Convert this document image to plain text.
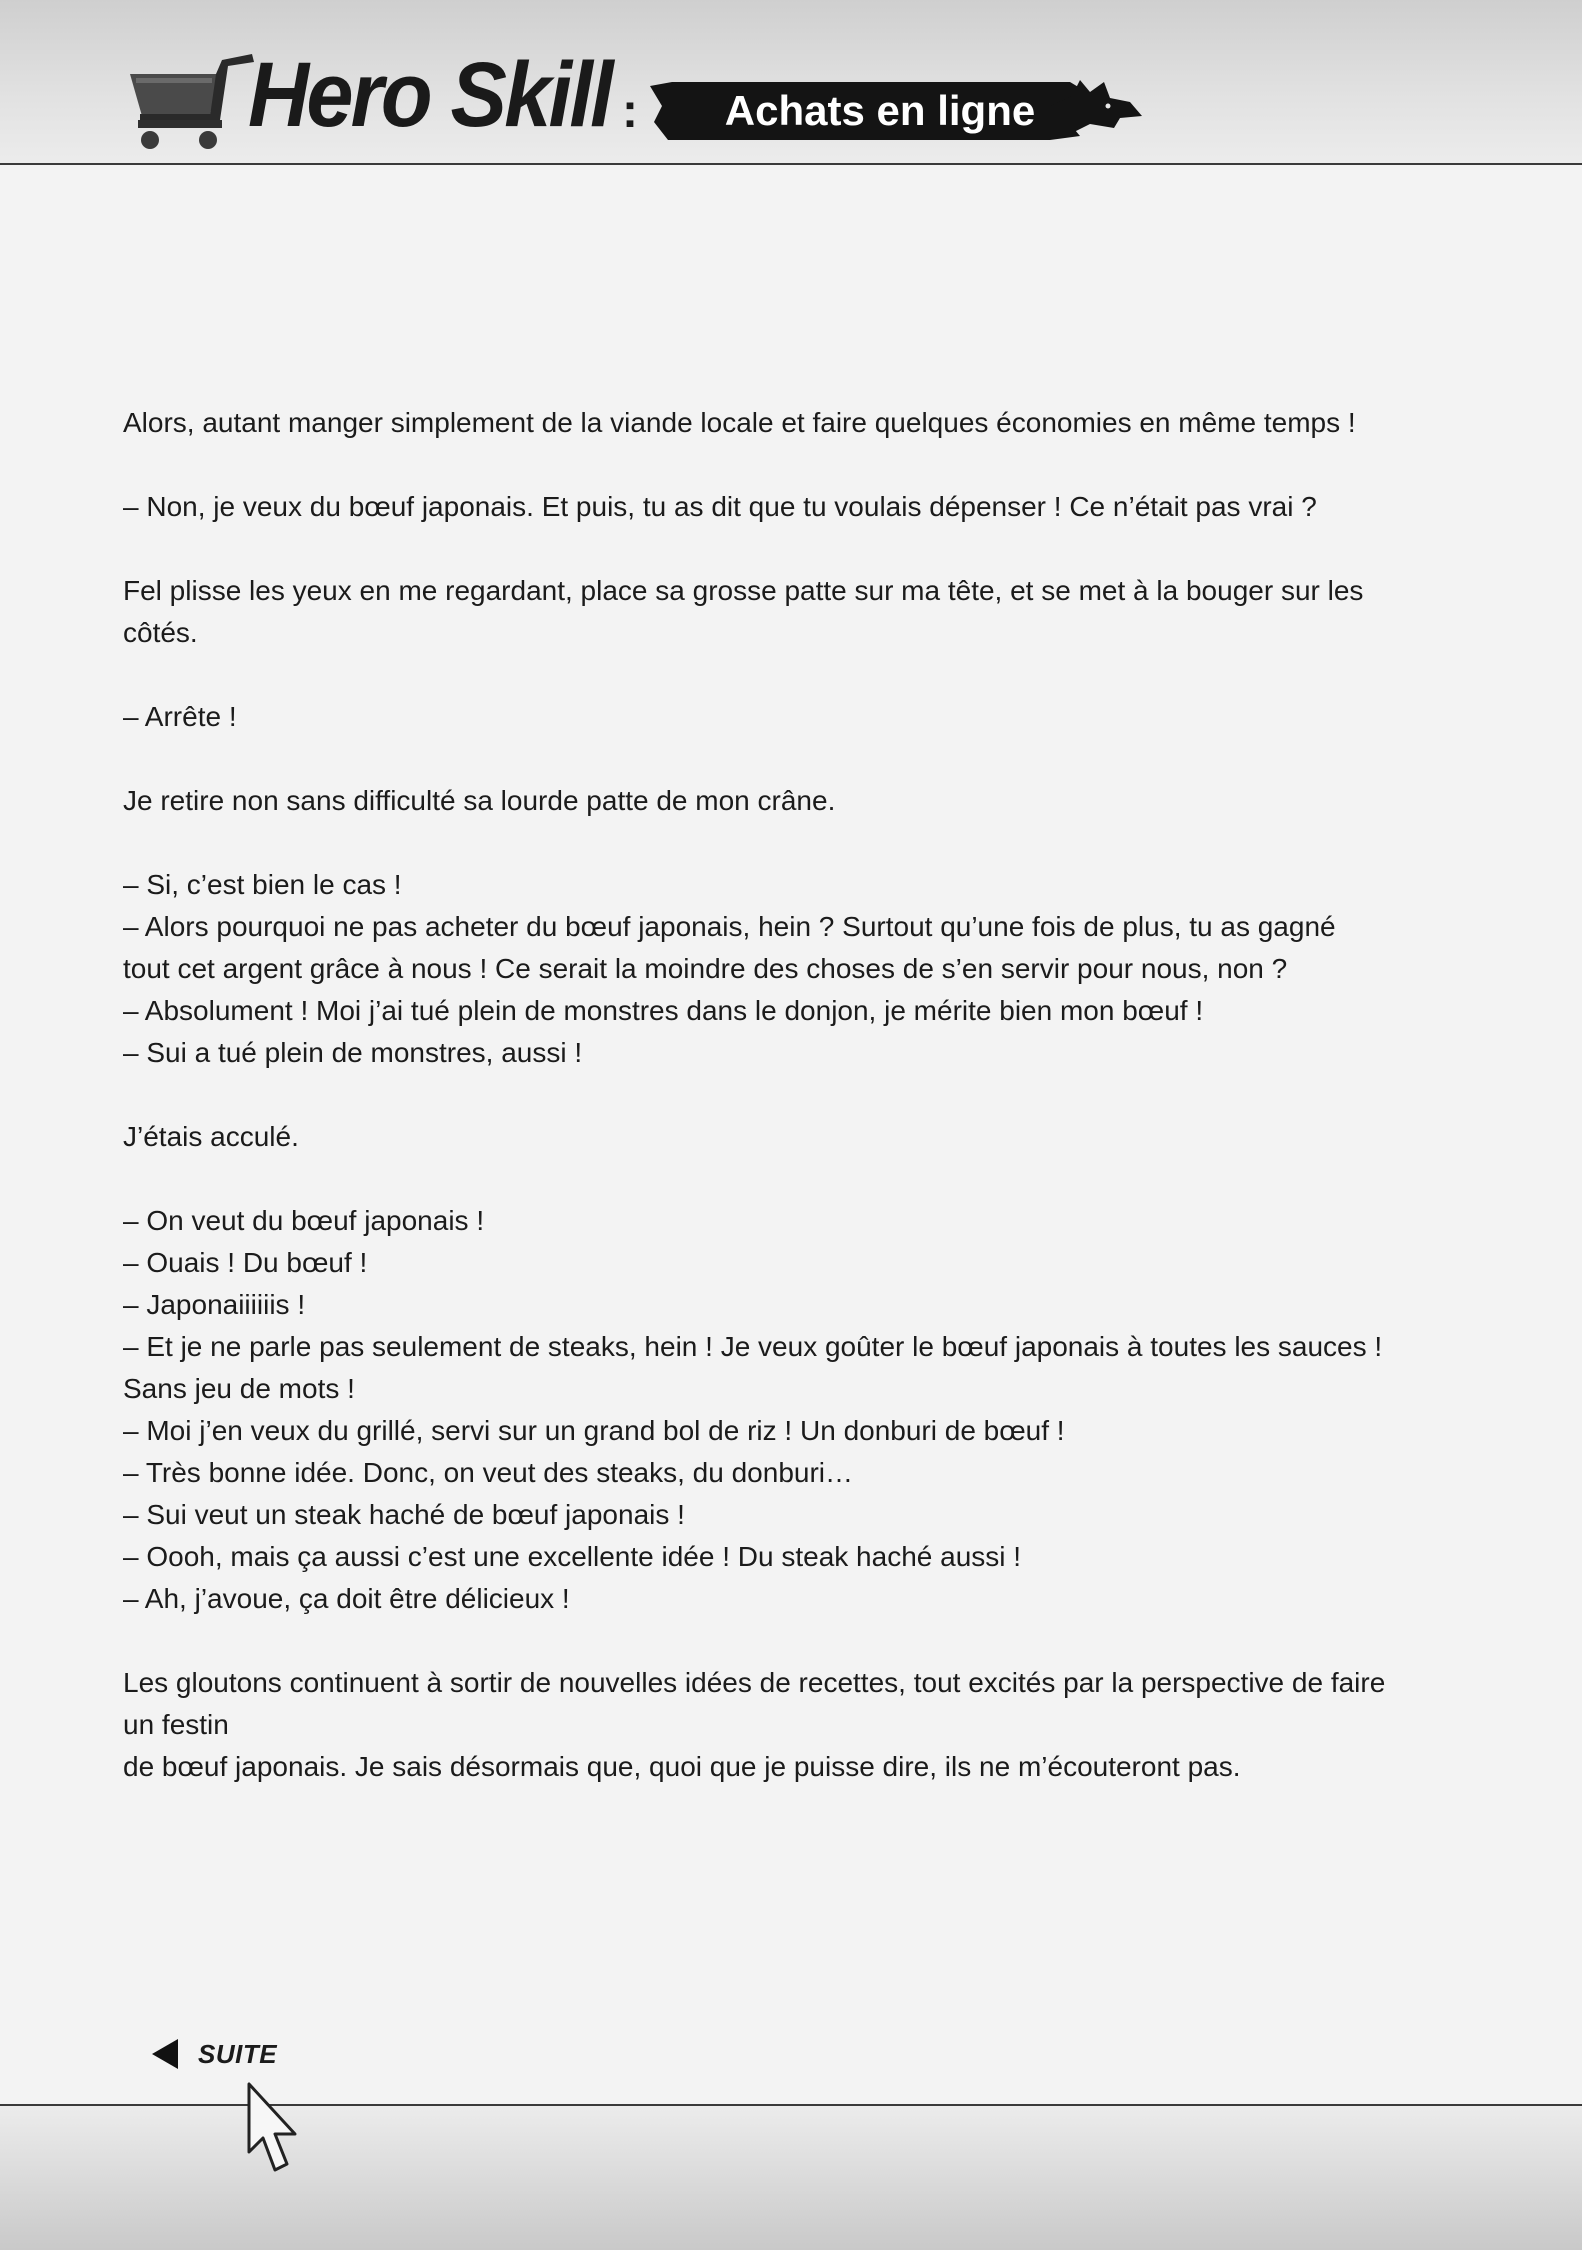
Hero Skill :	Achats en ligne

Alors, autant manger simplement de la viande locale et faire quelques économies en même temps !

– Non, je veux du bœuf japonais. Et puis, tu as dit que tu voulais dépenser ! Ce n’était pas vrai ?

Fel plisse les yeux en me regardant, place sa grosse patte sur ma tête, et se met à la bouger sur les côtés.

– Arrête !

Je retire non sans difficulté sa lourde patte de mon crâne.

– Si, c’est bien le cas !
– Alors pourquoi ne pas acheter du bœuf japonais, hein ? Surtout qu’une fois de plus, tu as gagné
tout cet argent grâce à nous ! Ce serait la moindre des choses de s’en servir pour nous, non ?
– Absolument ! Moi j’ai tué plein de monstres dans le donjon, je mérite bien mon bœuf !
– Sui a tué plein de monstres, aussi !

J’étais acculé.

– On veut du bœuf japonais !
– Ouais ! Du bœuf !
– Japonaiiiiiis !
– Et je ne parle pas seulement de steaks, hein ! Je veux goûter le bœuf japonais à toutes les sauces !
Sans jeu de mots !
– Moi j’en veux du grillé, servi sur un grand bol de riz ! Un donburi de bœuf !
– Très bonne idée. Donc, on veut des steaks, du donburi…
– Sui veut un steak haché de bœuf japonais !
– Oooh, mais ça aussi c’est une excellente idée ! Du steak haché aussi !
– Ah, j’avoue, ça doit être délicieux !

Les gloutons continuent à sortir de nouvelles idées de recettes, tout excités par la perspective de faire un festin
de bœuf japonais. Je sais désormais que, quoi que je puisse dire, ils ne m’écouteront pas.

SUITE
